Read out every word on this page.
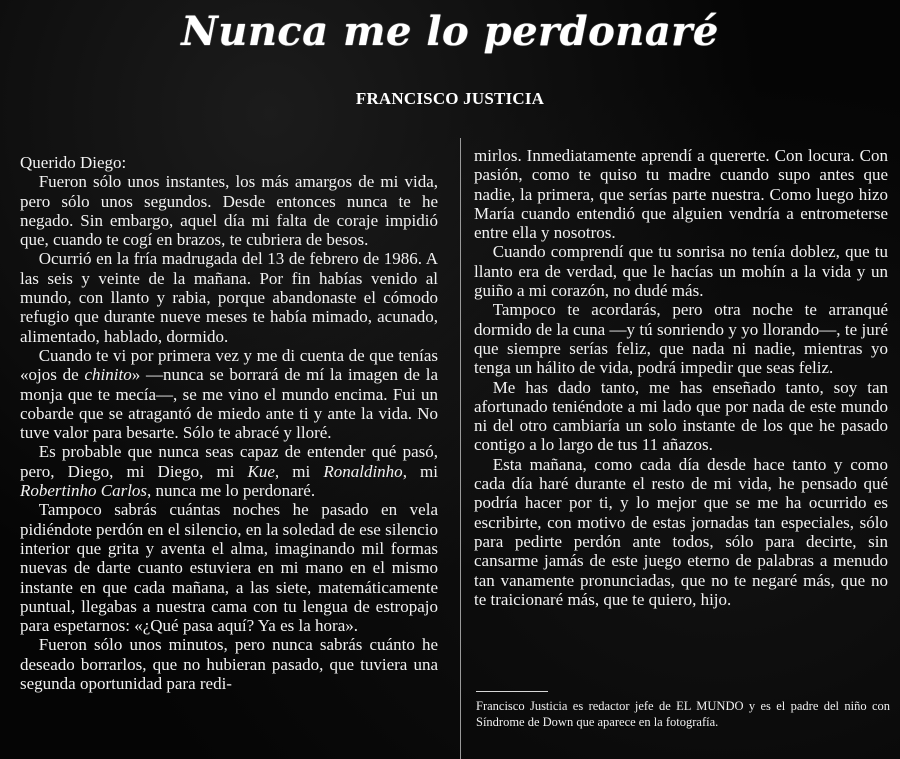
Nunca me lo perdonaré
FRANCISCO JUSTICIA

Querido Diego:

Fueron sólo unos instantes, los más amargos de mi vida, pero sólo unos segundos. Desde entonces nunca te he negado. Sin embargo, aquel día mi falta de coraje impidió que, cuando te cogí en brazos, te cubriera de besos.

Ocurrió en la fría madrugada del 13 de febrero de 1986. A las seis y veinte de la mañana. Por fin habías venido al mundo, con llanto y rabia, porque abandonaste el cómodo refugio que durante nueve meses te había mimado, acunado, alimentado, hablado, dormido.

Cuando te vi por primera vez y me di cuenta de que tenías «ojos de chinito» —nunca se borrará de mí la imagen de la monja que te mecía—, se me vino el mundo encima. Fui un cobarde que se atragantó de miedo ante ti y ante la vida. No tuve valor para besarte. Sólo te abracé y lloré.

Es probable que nunca seas capaz de entender qué pasó, pero, Diego, mi Diego, mi Kue, mi Ronaldinho, mi Robertinho Carlos, nunca me lo perdonaré.

Tampoco sabrás cuántas noches he pasado en vela pidiéndote perdón en el silencio, en la soledad de ese silencio interior que grita y aventa el alma, imaginando mil formas nuevas de darte cuanto estuviera en mi mano en el mismo instante en que cada mañana, a las siete, matemáticamente puntual, llegabas a nuestra cama con tu lengua de estropajo para espetarnos: «¿Qué pasa aquí? Ya es la hora».

Fueron sólo unos minutos, pero nunca sabrás cuánto he deseado borrarlos, que no hubieran pasado, que tuviera una segunda oportunidad para redi-

mirlos. Inmediatamente aprendí a quererte. Con locura. Con pasión, como te quiso tu madre cuando supo antes que nadie, la primera, que serías parte nuestra. Como luego hizo María cuando entendió que alguien vendría a entrometerse entre ella y nosotros.

Cuando comprendí que tu sonrisa no tenía doblez, que tu llanto era de verdad, que le hacías un mohín a la vida y un guiño a mi corazón, no dudé más.

Tampoco te acordarás, pero otra noche te arranqué dormido de la cuna —y tú sonriendo y yo llorando—, te juré que siempre serías feliz, que nada ni nadie, mientras yo tenga un hálito de vida, podrá impedir que seas feliz.

Me has dado tanto, me has enseñado tanto, soy tan afortunado teniéndote a mi lado que por nada de este mundo ni del otro cambiaría un solo instante de los que he pasado contigo a lo largo de tus 11 añazos.

Esta mañana, como cada día desde hace tanto y como cada día haré durante el resto de mi vida, he pensado qué podría hacer por ti, y lo mejor que se me ha ocurrido es escribirte, con motivo de estas jornadas tan especiales, sólo para pedirte perdón ante todos, sólo para decirte, sin cansarme jamás de este juego eterno de palabras a menudo tan vanamente pronunciadas, que no te negaré más, que no te traicionaré más, que te quiero, hijo.

Francisco Justicia es redactor jefe de EL MUNDO y es el padre del niño con Síndrome de Down que aparece en la fotografía.
